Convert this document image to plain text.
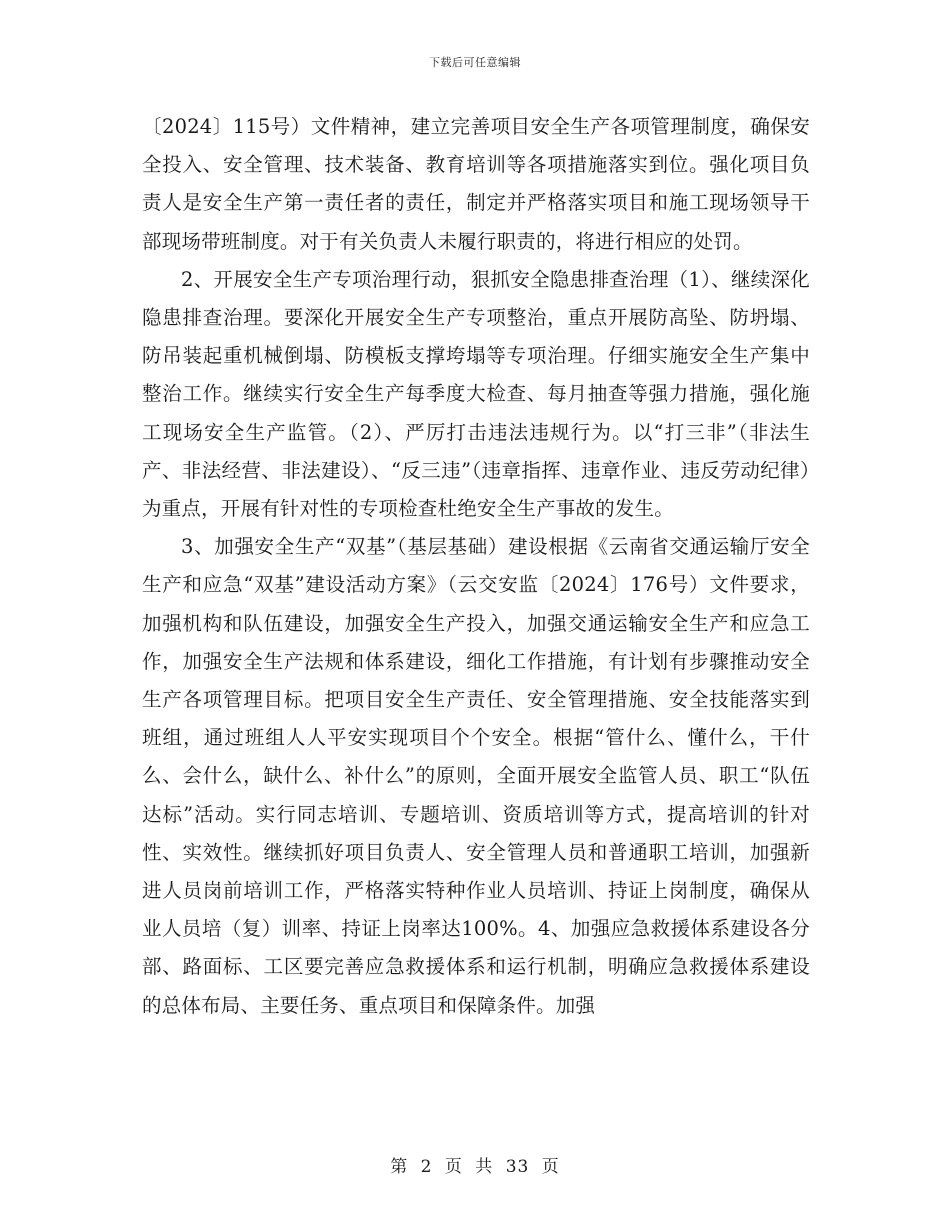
下载后可任意编辑

〔2024〕115号）文件精神，建立完善项目安全生产各项管理制度，确保安全投入、安全管理、技术装备、教育培训等各项措施落实到位。强化项目负责人是安全生产第一责任者的责任，制定并严格落实项目和施工现场领导干部现场带班制度。对于有关负责人未履行职责的，将进行相应的处罚。

2、开展安全生产专项治理行动，狠抓安全隐患排查治理（1）、继续深化隐患排查治理。要深化开展安全生产专项整治，重点开展防高坠、防坍塌、防吊装起重机械倒塌、防模板支撑垮塌等专项治理。仔细实施安全生产集中整治工作。继续实行安全生产每季度大检查、每月抽查等强力措施，强化施工现场安全生产监管。（2）、严厉打击违法违规行为。以“打三非”（非法生产、非法经营、非法建设）、“反三违”（违章指挥、违章作业、违反劳动纪律）为重点，开展有针对性的专项检查杜绝安全生产事故的发生。

3、加强安全生产“双基”（基层基础）建设根据《云南省交通运输厅安全生产和应急“双基”建设活动方案》（云交安监〔2024〕176号）文件要求，加强机构和队伍建设，加强安全生产投入，加强交通运输安全生产和应急工作，加强安全生产法规和体系建设，细化工作措施，有计划有步骤推动安全生产各项管理目标。把项目安全生产责任、安全管理措施、安全技能落实到班组，通过班组人人平安实现项目个个安全。根据“管什么、懂什么，干什么、会什么，缺什么、补什么”的原则，全面开展安全监管人员、职工“队伍达标”活动。实行同志培训、专题培训、资质培训等方式，提高培训的针对性、实效性。继续抓好项目负责人、安全管理人员和普通职工培训，加强新进人员岗前培训工作，严格落实特种作业人员培训、持证上岗制度，确保从业人员培（复）训率、持证上岗率达100%。4、加强应急救援体系建设各分部、路面标、工区要完善应急救援体系和运行机制，明确应急救援体系建设的总体布局、主要任务、重点项目和保障条件。加强

第 2 页 共 33 页
